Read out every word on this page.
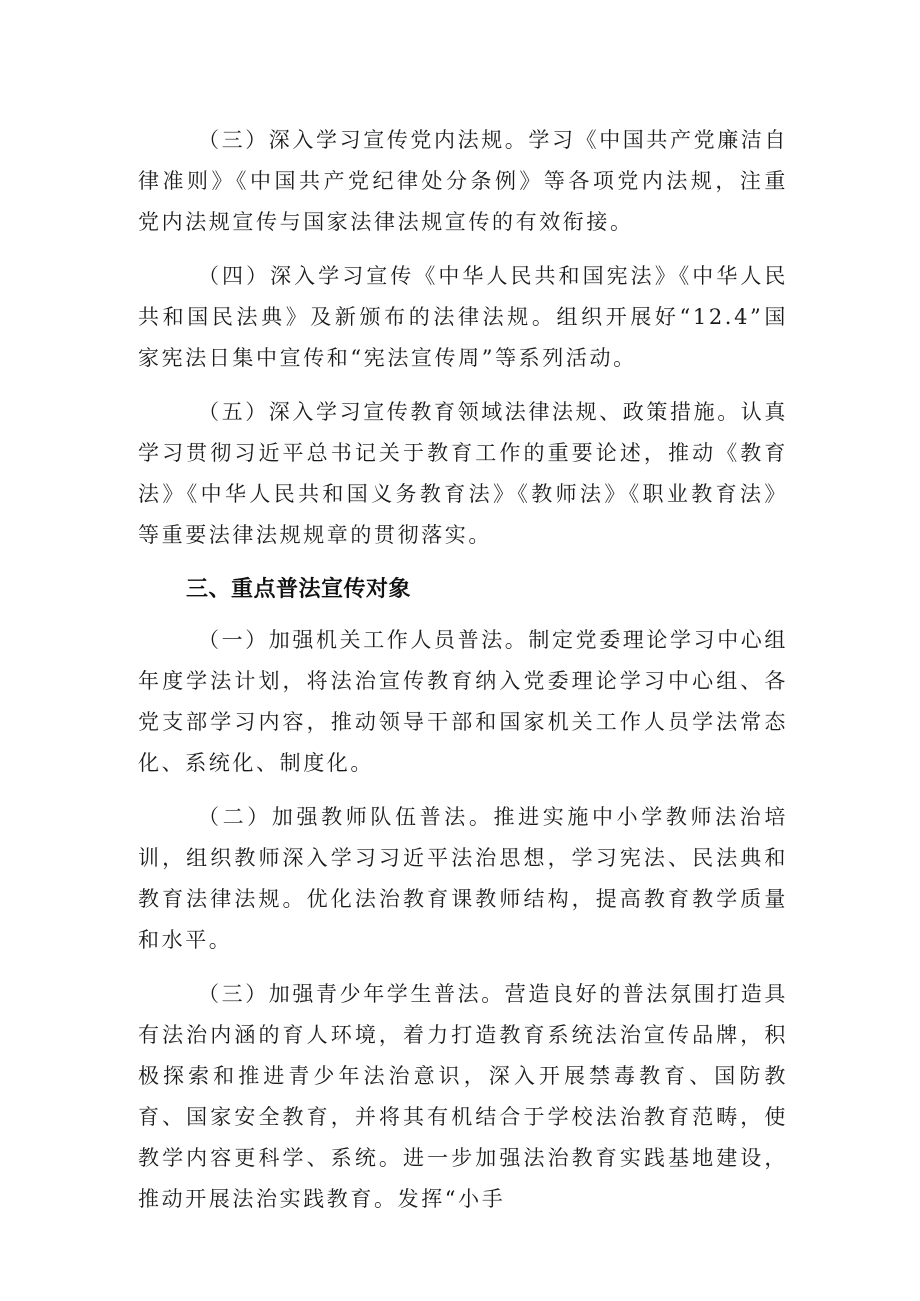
（三）深入学习宣传党内法规。学习《中国共产党廉洁自律准则》《中国共产党纪律处分条例》等各项党内法规，注重党内法规宣传与国家法律法规宣传的有效衔接。

（四）深入学习宣传《中华人民共和国宪法》《中华人民共和国民法典》及新颁布的法律法规。组织开展好“12.4”国家宪法日集中宣传和“宪法宣传周”等系列活动。

（五）深入学习宣传教育领域法律法规、政策措施。认真学习贯彻习近平总书记关于教育工作的重要论述，推动《教育法》《中华人民共和国义务教育法》《教师法》《职业教育法》等重要法律法规规章的贯彻落实。

三、重点普法宣传对象

（一）加强机关工作人员普法。制定党委理论学习中心组年度学法计划，将法治宣传教育纳入党委理论学习中心组、各党支部学习内容，推动领导干部和国家机关工作人员学法常态化、系统化、制度化。

（二）加强教师队伍普法。推进实施中小学教师法治培训，组织教师深入学习习近平法治思想，学习宪法、民法典和教育法律法规。优化法治教育课教师结构，提高教育教学质量和水平。

（三）加强青少年学生普法。营造良好的普法氛围打造具有法治内涵的育人环境，着力打造教育系统法治宣传品牌，积极探索和推进青少年法治意识，深入开展禁毒教育、国防教育、国家安全教育，并将其有机结合于学校法治教育范畴，使教学内容更科学、系统。进一步加强法治教育实践基地建设，推动开展法治实践教育。发挥“小手
